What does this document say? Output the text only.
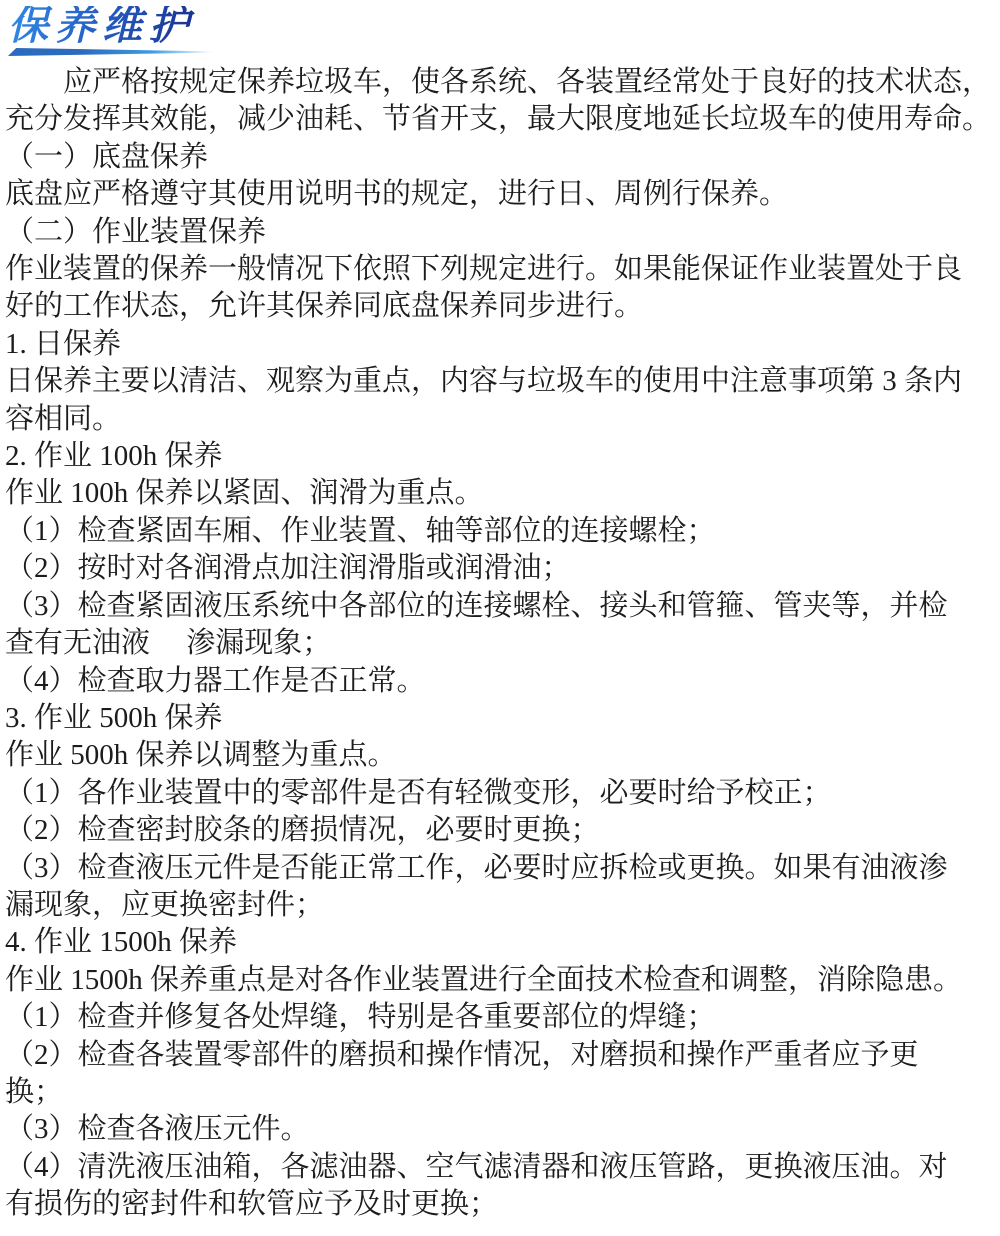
保养维护
应严格按规定保养垃圾车，使各系统、各装置经常处于良好的技术状态，
充分发挥其效能，减少油耗、节省开支，最大限度地延长垃圾车的使用寿命。
（一）底盘保养
底盘应严格遵守其使用说明书的规定，进行日、周例行保养。
（二）作业装置保养
作业装置的保养一般情况下依照下列规定进行。如果能保证作业装置处于良
好的工作状态，允许其保养同底盘保养同步进行。
1. 日保养
日保养主要以清洁、观察为重点，内容与垃圾车的使用中注意事项第 3 条内
容相同。
2. 作业 100h 保养
作业 100h 保养以紧固、润滑为重点。
（1）检查紧固车厢、作业装置、轴等部位的连接螺栓；
（2）按时对各润滑点加注润滑脂或润滑油；
（3）检查紧固液压系统中各部位的连接螺栓、接头和管箍、管夹等，并检
查有无油液　 渗漏现象；
（4）检查取力器工作是否正常。
3. 作业 500h 保养
作业 500h 保养以调整为重点。
（1）各作业装置中的零部件是否有轻微变形，必要时给予校正；
（2）检查密封胶条的磨损情况，必要时更换；
（3）检查液压元件是否能正常工作，必要时应拆检或更换。如果有油液渗
漏现象，应更换密封件；
4. 作业 1500h 保养
作业 1500h 保养重点是对各作业装置进行全面技术检查和调整，消除隐患。
（1）检查并修复各处焊缝，特别是各重要部位的焊缝；
（2）检查各装置零部件的磨损和操作情况，对磨损和操作严重者应予更
换；
（3）检查各液压元件。
（4）清洗液压油箱，各滤油器、空气滤清器和液压管路，更换液压油。对
有损伤的密封件和软管应予及时更换；
